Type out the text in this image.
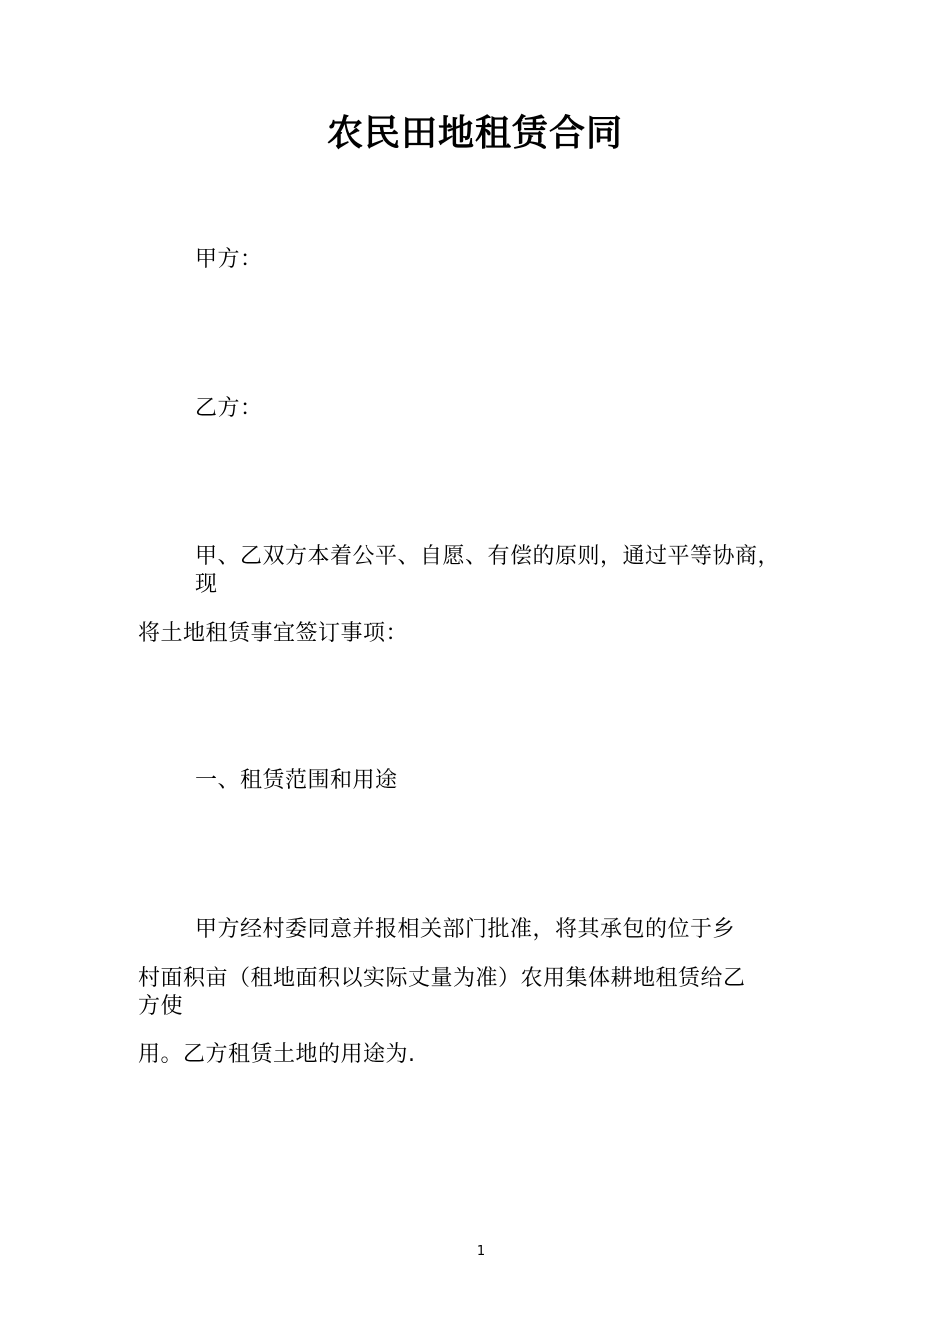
农民田地租赁合同
甲方：
乙方：
甲、乙双方本着公平、自愿、有偿的原则，通过平等协商，
现
将土地租赁事宜签订事项：
一、租赁范围和用途
甲方经村委同意并报相关部门批准，将其承包的位于乡
村面积亩（租地面积以实际丈量为准）农用集体耕地租赁给乙
方使
用。乙方租赁土地的用途为.
1
